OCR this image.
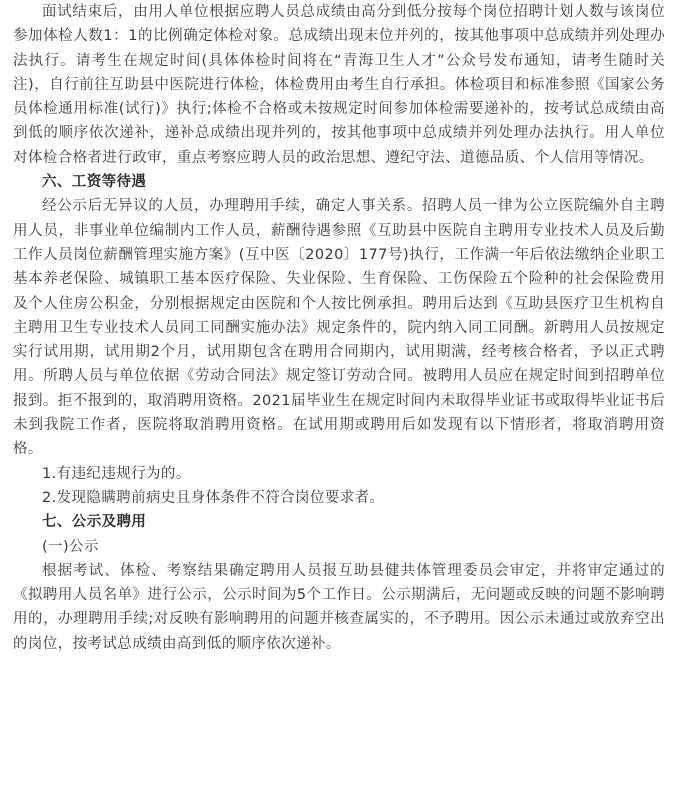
面试结束后，由用人单位根据应聘人员总成绩由高分到低分按每个岗位招聘计划人数与该岗位参加体检人数1：1的比例确定体检对象。总成绩出现末位并列的，按其他事项中总成绩并列处理办法执行。请考生在规定时间(具体体检时间将在“青海卫生人才”公众号发布通知，请考生随时关注)，自行前往互助县中医院进行体检，体检费用由考生自行承担。体检项目和标准参照《国家公务员体检通用标准(试行)》执行;体检不合格或未按规定时间参加体检需要递补的，按考试总成绩由高到低的顺序依次递补，递补总成绩出现并列的，按其他事项中总成绩并列处理办法执行。用人单位对体检合格者进行政审，重点考察应聘人员的政治思想、遵纪守法、道德品质、个人信用等情况。

六、工资等待遇

经公示后无异议的人员，办理聘用手续，确定人事关系。招聘人员一律为公立医院编外自主聘用人员，非事业单位编制内工作人员，薪酬待遇参照《互助县中医院自主聘用专业技术人员及后勤工作人员岗位薪酬管理实施方案》(互中医〔2020〕177号)执行，工作满一年后依法缴纳企业职工基本养老保险、城镇职工基本医疗保险、失业保险、生育保险、工伤保险五个险种的社会保险费用及个人住房公积金，分别根据规定由医院和个人按比例承担。聘用后达到《互助县医疗卫生机构自主聘用卫生专业技术人员同工同酬实施办法》规定条件的，院内纳入同工同酬。新聘用人员按规定实行试用期，试用期2个月，试用期包含在聘用合同期内，试用期满，经考核合格者，予以正式聘用。所聘人员与单位依据《劳动合同法》规定签订劳动合同。被聘用人员应在规定时间到招聘单位报到。拒不报到的，取消聘用资格。2021届毕业生在规定时间内未取得毕业证书或取得毕业证书后未到我院工作者，医院将取消聘用资格。在试用期或聘用后如发现有以下情形者，将取消聘用资格。

1.有违纪违规行为的。

2.发现隐瞒聘前病史且身体条件不符合岗位要求者。

七、公示及聘用

(一)公示

根据考试、体检、考察结果确定聘用人员报互助县健共体管理委员会审定，并将审定通过的《拟聘用人员名单》进行公示，公示时间为5个工作日。公示期满后，无问题或反映的问题不影响聘用的，办理聘用手续;对反映有影响聘用的问题并核查属实的，不予聘用。因公示未通过或放弃空出的岗位，按考试总成绩由高到低的顺序依次递补。
